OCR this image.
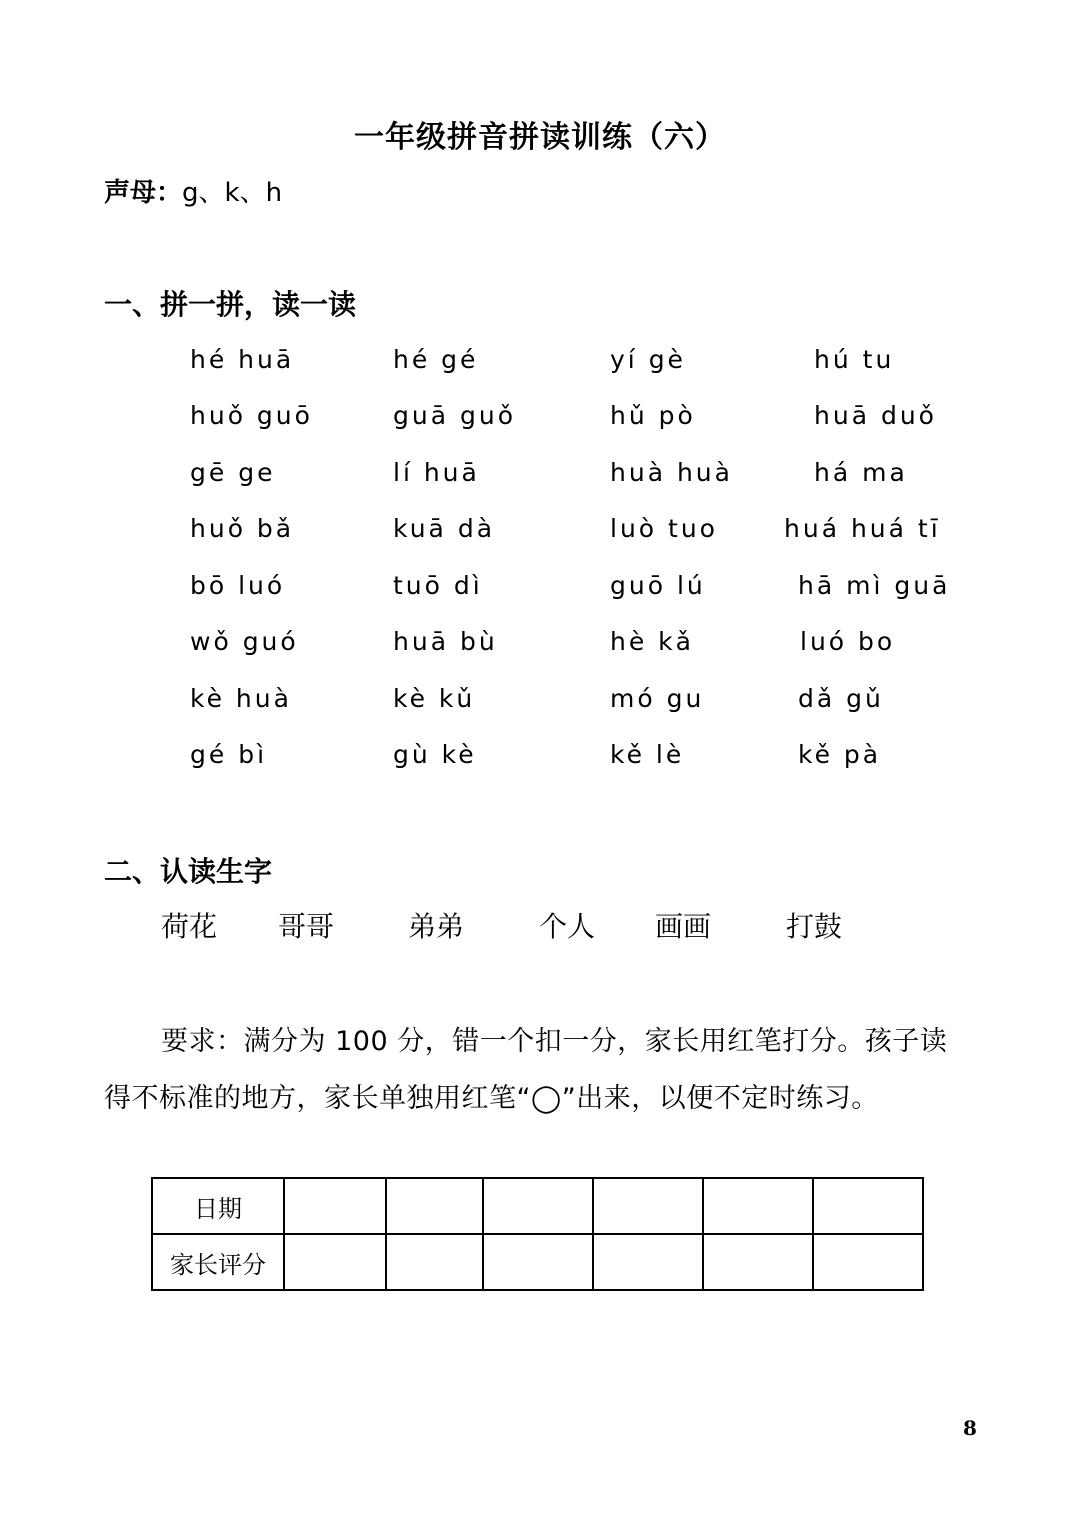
一年级拼音拼读训练（六）
声母：g、k、h
一、拼一拼，读一读
hé huā	hé gé	yí gè	hú tu
huǒ guō	guā guǒ	hǔ pò	huā duǒ
gē ge	lí huā	huà huà	há ma
huǒ bǎ	kuā dà	luò tuo	huá huá tī
bō luó	tuō dì	guō lú	hā mì guā
wǒ guó	huā bù	hè kǎ	luó bo
kè huà	kè kǔ	mó gu	dǎ gǔ
gé bì	gù kè	kě lè	kě pà
二、认读生字
荷花 哥哥	弟弟	个人 画画	打鼓
要求：满分为 100 分，错一个扣一分，家长用红笔打分。孩子读
得不标准的地方，家长单独用红笔“◯”出来，以便不定时练习。
日期						
家长评分						
8
